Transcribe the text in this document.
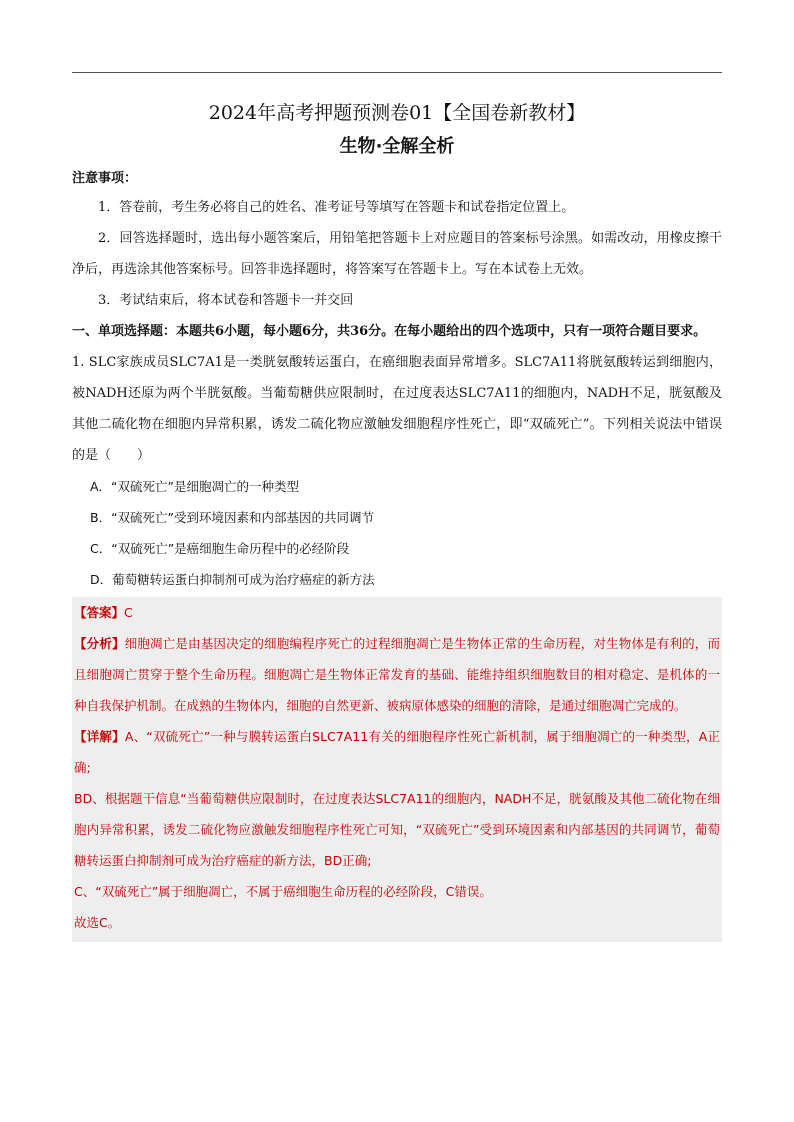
2024年高考押题预测卷01【全国卷新教材】
生物·全解全析

注意事项：

1．答卷前，考生务必将自己的姓名、准考证号等填写在答题卡和试卷指定位置上。

2．回答选择题时，选出每小题答案后，用铅笔把答题卡上对应题目的答案标号涂黑。如需改动，用橡皮擦干净后，再选涂其他答案标号。回答非选择题时，将答案写在答题卡上。写在本试卷上无效。

3．考试结束后，将本试卷和答题卡一并交回

一、单项选择题：本题共6小题，每小题6分，共36分。在每小题给出的四个选项中，只有一项符合题目要求。

1. SLC家族成员SLC7A1是一类胱氨酸转运蛋白，在癌细胞表面异常增多。SLC7A11将胱氨酸转运到细胞内，被NADH还原为两个半胱氨酸。当葡萄糖供应限制时，在过度表达SLC7A11的细胞内，NADH不足，胱氨酸及其他二硫化物在细胞内异常积累，诱发二硫化物应激触发细胞程序性死亡，即“双硫死亡”。下列相关说法中错误的是（　　）

A．“双硫死亡”是细胞凋亡的一种类型

B．“双硫死亡”受到环境因素和内部基因的共同调节

C．“双硫死亡”是癌细胞生命历程中的必经阶段

D．葡萄糖转运蛋白抑制剂可成为治疗癌症的新方法

【答案】C

【分析】细胞凋亡是由基因决定的细胞编程序死亡的过程细胞凋亡是生物体正常的生命历程，对生物体是有利的，而且细胞凋亡贯穿于整个生命历程。细胞凋亡是生物体正常发育的基础、能维持组织细胞数目的相对稳定、是机体的一种自我保护机制。在成熟的生物体内，细胞的自然更新、被病原体感染的细胞的清除，是通过细胞凋亡完成的。

【详解】A、“双硫死亡”一种与膜转运蛋白SLC7A11有关的细胞程序性死亡新机制，属于细胞凋亡的一种类型，A正确;

BD、根据题干信息“当葡萄糖供应限制时，在过度表达SLC7A11的细胞内，NADH不足，胱氨酸及其他二硫化物在细胞内异常积累，诱发二硫化物应激触发细胞程序性死亡可知，“双硫死亡”受到环境因素和内部基因的共同调节，葡萄糖转运蛋白抑制剂可成为治疗癌症的新方法，BD正确;

C、“双硫死亡”属于细胞凋亡，不属于癌细胞生命历程的必经阶段，C错误。

故选C。
